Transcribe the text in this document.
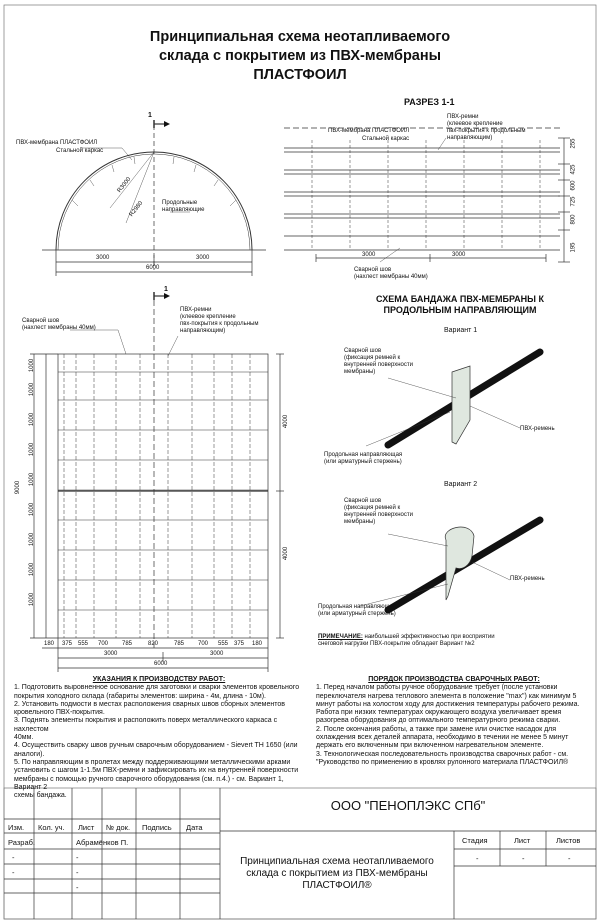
Принципиальная схема неотапливаемого
склада с покрытием из ПВХ-мембраны
ПЛАСТФОИЛ
1
ПВХ-мембрана ПЛАСТФОИЛ
Стальной каркас
R3000
R2980	Продольные
направляющие
3000	3000
6000
РАЗРЕЗ 1-1
ПВХ-мембрана ПЛАСТФОИЛ
Стальной каркас
ПВХ-ремни
(клеевое крепление
пвх-покрытия к продольным
направляющим)
Сварной шов
(нахлест мембраны 40мм)
3000	3000
255
425
600
725
800
195
1
Сварной шов
(нахлест мембраны 40мм)
ПВХ-ремни
(клеевое крепление
пвх-покрытия к продольным
направляющим)
1000
1000
1000
1000
1000
1000
1000
1000
1000
9000
4000
4000
180 375 555 700 785	820	785 700 555 375 180
3000	3000
6000
СХЕМА БАНДАЖА ПВХ-МЕМБРАНЫ К
ПРОДОЛЬНЫМ НАПРАВЛЯЮЩИМ
Вариант 1
Сварной шов
(фиксация ремней к
внутренней поверхности
мембраны)
ПВХ-ремень
Продольная направляющая
(или арматурный стержень)
Вариант 2
Сварной шов
(фиксация ремней к
внутренней поверхности
мембраны)
ПВХ-ремень
Продольная направляющая
(или арматурный стержень)
ПРИМЕЧАНИЕ: наибольшей эффективностью при восприятии
снеговой нагрузки ПВХ-покрытие обладает Вариант №2
УКАЗАНИЯ К ПРОИЗВОДСТВУ РАБОТ:

1. Подготовить выровненное основание для заготовки и сварки элементов кровельного

покрытия холодного склада (габариты элементов: ширина - 4м, длина - 10м).

2. Установить подмости в местах расположения сварных швов сборных элементов

кровельного ПВХ-покрытия.

3. Поднять элементы покрытия и расположить поверх металлического каркаса с нахлестом

40мм.

4. Осуществить сварку швов ручным сварочным оборудованием - Sievert TH 1650 (или

аналоги).

5. По направляющим в пролетах между поддерживающими металлическими арками

установить с шагом 1-1.5м ПВХ-ремни и зафиксировать их на внутренней поверхности

мембраны с помощью ручного сварочного оборудования (см. п.4.) - см. Вариант 1, Вариант 2

схемы бандажа.

ПОРЯДОК ПРОИЗВОДСТВА СВАРОЧНЫХ РАБОТ:

1. Перед началом работы ручное оборудование требует (после установки

переключателя нагрева теплового элемента в положение "max") как минимум 5

минут работы на холостом ходу для достижения температуры рабочего режима.

Работа при низких температурах окружающего воздуха увеличивает время

разогрева оборудования до оптимального температурного режима сварки.

2. После окончания работы, а также при замене или очистке насадок для

охлаждения всех деталей аппарата, необходимо в течении не менее 5 минут

держать его включенным при включенном нагревательном элементе.

3. Технологическая последовательность производства сварочных работ - см.

"Руководство по применению в кровлях рулонного материала ПЛАСТФОИЛ®

ООО "ПЕНОПЛЭКС СПб"
Изм. Кол. уч. Лист № док. Подпись Дата
Разраб.	Абрамёнков П.
-	-
-	-
-
Принципиальная схема неотапливаемого
склада с покрытием из ПВХ-мембраны
ПЛАСТФОИЛ®
Стадия	Лист	Листов
-	-	-
